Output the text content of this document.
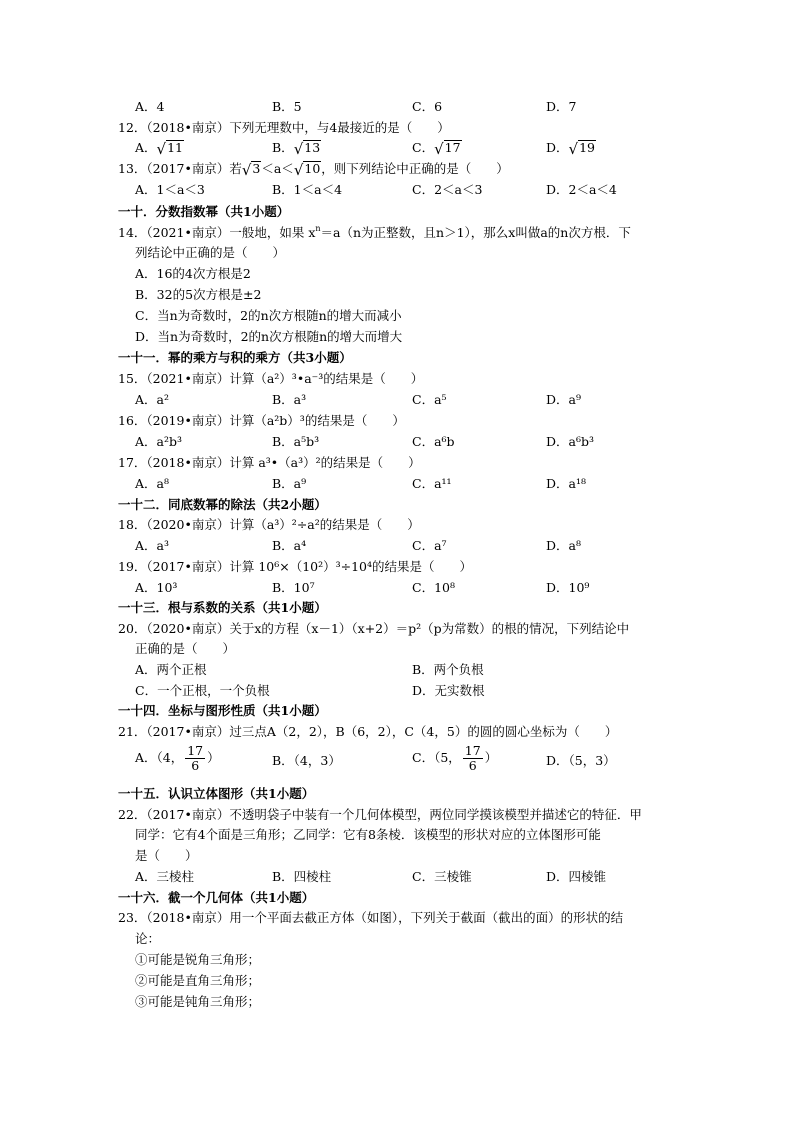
A．4	B．5	C．6	D．7
12．（2018•南京）下列无理数中，与4最接近的是（　　）
A．√11	B．√13	C．√17	D．√19
13．（2017•南京）若√3＜a＜√10，则下列结论中正确的是（　　）
A．1＜a＜3	B．1＜a＜4	C．2＜a＜3	D．2＜a＜4
一十．分数指数幂（共1小题）
14．（2021•南京）一般地，如果 $x^n=a(n$为正整数，且n＞1），那么x叫做a的n次方根．下
列结论中正确的是（　　）
A．16的4次方根是2
B．32的5次方根是±2
C．当n为奇数时，2的n次方根随n的增大而减小
D．当n为奇数时，2的n次方根随n的增大而增大
一十一．幂的乘方与积的乘方（共3小题）
15．（2021•南京）计算（a²）³•a⁻³的结果是（　　）
A．a²	B．a³	C．a⁵	D．a⁹
16．（2019•南京）计算（a²b）³的结果是（　　）
A．a²b³	B．a⁵b³	C．a⁶b	D．a⁶b³
17．（2018•南京）计算 a³•（a³）²的结果是（　　）
A．a⁸	B．a⁹	C．a¹¹	D．a¹⁸
一十二．同底数幂的除法（共2小题）
18．（2020•南京）计算（a³）²÷a²的结果是（　　）
A．a³	B．a⁴	C．a⁷	D．a⁸
19．（2017•南京）计算 10⁶×（10²）³÷10⁴的结果是（　　）
A．10³	B．10⁷	C．10⁸	D．10⁹
一十三．根与系数的关系（共1小题）
20．（2020•南京）关于x的方程（x－1）（x+2）＝p²（p为常数）的根的情况，下列结论中
正确的是（　　）
A．两个正根	B．两个负根
C．一个正根，一个负根	D．无实数根
一十四．坐标与图形性质（共1小题）
21．（2017•南京）过三点A（2，2），B（6，2），C（4，5）的圆的圆心坐标为（　　）
A．（4， $\frac{17}{6}$ ）	B．（4，3）	C．（5， $\frac{17}{6}$ ）	D．（5，3）
一十五．认识立体图形（共1小题）
22．（2017•南京）不透明袋子中装有一个几何体模型，两位同学摸该模型并描述它的特征．甲
同学：它有4个面是三角形；乙同学：它有8条棱．该模型的形状对应的立体图形可能
是（　　）
A．三棱柱	B．四棱柱	C．三棱锥	D．四棱锥
一十六．截一个几何体（共1小题）
23．（2018•南京）用一个平面去截正方体（如图），下列关于截面（截出的面）的形状的结
论：
①可能是锐角三角形；
②可能是直角三角形；
③可能是钝角三角形；
